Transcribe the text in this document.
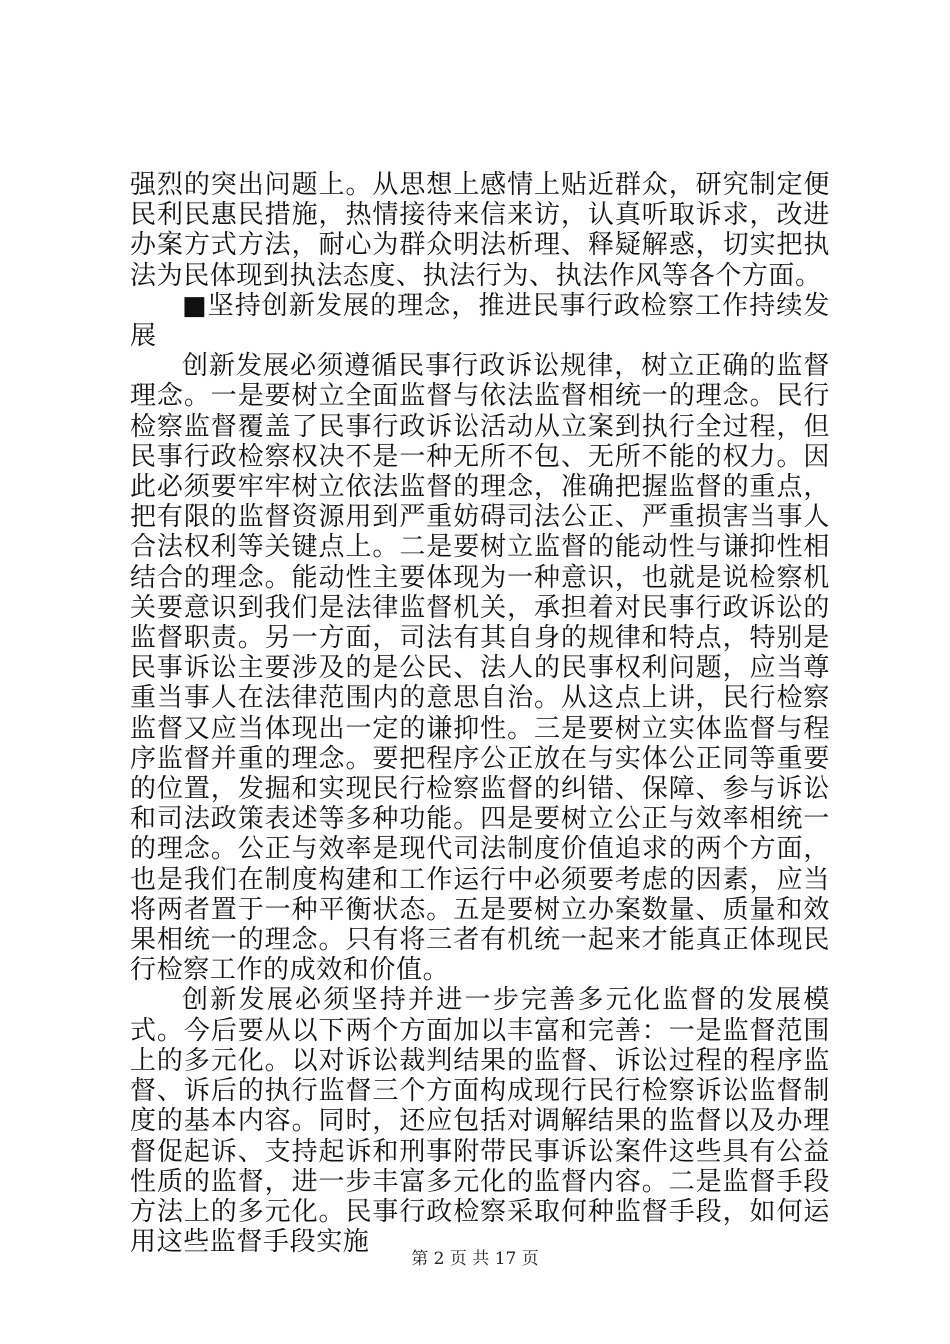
强烈的突出问题上。从思想上感情上贴近群众，研究制定便民利民惠民措施，热情接待来信来访，认真听取诉求，改进办案方式方法，耐心为群众明法析理、释疑解惑，切实把执法为民体现到执法态度、执法行为、执法作风等各个方面。

■坚持创新发展的理念，推进民事行政检察工作持续发展

创新发展必须遵循民事行政诉讼规律，树立正确的监督理念。一是要树立全面监督与依法监督相统一的理念。民行检察监督覆盖了民事行政诉讼活动从立案到执行全过程，但民事行政检察权决不是一种无所不包、无所不能的权力。因此必须要牢牢树立依法监督的理念，准确把握监督的重点，把有限的监督资源用到严重妨碍司法公正、严重损害当事人合法权利等关键点上。二是要树立监督的能动性与谦抑性相结合的理念。能动性主要体现为一种意识，也就是说检察机关要意识到我们是法律监督机关，承担着对民事行政诉讼的监督职责。另一方面，司法有其自身的规律和特点，特别是民事诉讼主要涉及的是公民、法人的民事权利问题，应当尊重当事人在法律范围内的意思自治。从这点上讲，民行检察监督又应当体现出一定的谦抑性。三是要树立实体监督与程序监督并重的理念。要把程序公正放在与实体公正同等重要的位置，发掘和实现民行检察监督的纠错、保障、参与诉讼和司法政策表述等多种功能。四是要树立公正与效率相统一的理念。公正与效率是现代司法制度价值追求的两个方面，也是我们在制度构建和工作运行中必须要考虑的因素，应当将两者置于一种平衡状态。五是要树立办案数量、质量和效果相统一的理念。只有将三者有机统一起来才能真正体现民行检察工作的成效和价值。

创新发展必须坚持并进一步完善多元化监督的发展模式。今后要从以下两个方面加以丰富和完善：一是监督范围上的多元化。以对诉讼裁判结果的监督、诉讼过程的程序监督、诉后的执行监督三个方面构成现行民行检察诉讼监督制度的基本内容。同时，还应包括对调解结果的监督以及办理督促起诉、支持起诉和刑事附带民事诉讼案件这些具有公益性质的监督，进一步丰富多元化的监督内容。二是监督手段方法上的多元化。民事行政检察采取何种监督手段，如何运用这些监督手段实施

第 2 页 共 17 页
